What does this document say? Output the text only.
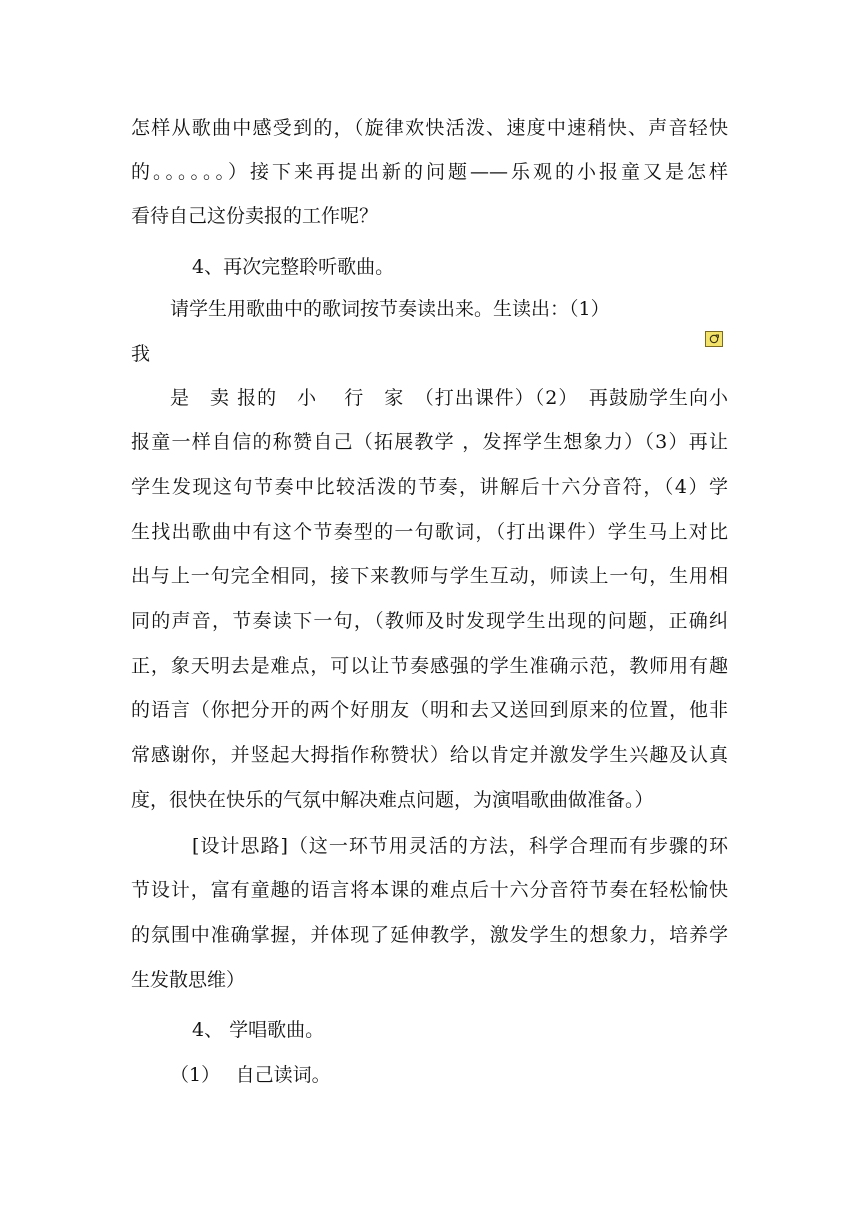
怎样从歌曲中感受到的，（旋律欢快活泼、速度中速稍快、声音轻快
的。。。。。。）接下来再提出新的问题——乐观的小报童又是怎样
看待自己这份卖报的工作呢？
4、再次完整聆听歌曲。
请学生用歌曲中的歌词按节奏读出来。生读出：（1）
我
是　卖 报的　小　 行　家　（打出课件）（2）　再鼓励学生向小
报童一样自信的称赞自己（拓展教学 ，发挥学生想象力）（3）再让
学生发现这句节奏中比较活泼的节奏，讲解后十六分音符，（4）学
生找出歌曲中有这个节奏型的一句歌词，（打出课件）学生马上对比
出与上一句完全相同，接下来教师与学生互动，师读上一句，生用相
同的声音，节奏读下一句，（教师及时发现学生出现的问题，正确纠
正，象天明去是难点，可以让节奏感强的学生准确示范，教师用有趣
的语言（你把分开的两个好朋友（明和去又送回到原来的位置，他非
常感谢你，并竖起大拇指作称赞状）给以肯定并激发学生兴趣及认真
度，很快在快乐的气氛中解决难点问题，为演唱歌曲做准备。）
[设计思路]（这一环节用灵活的方法，科学合理而有步骤的环
节设计，富有童趣的语言将本课的难点后十六分音符节奏在轻松愉快
的氛围中准确掌握，并体现了延伸教学，激发学生的想象力，培养学
生发散思维）
4、 学唱歌曲。
（1）　 自己读词。
